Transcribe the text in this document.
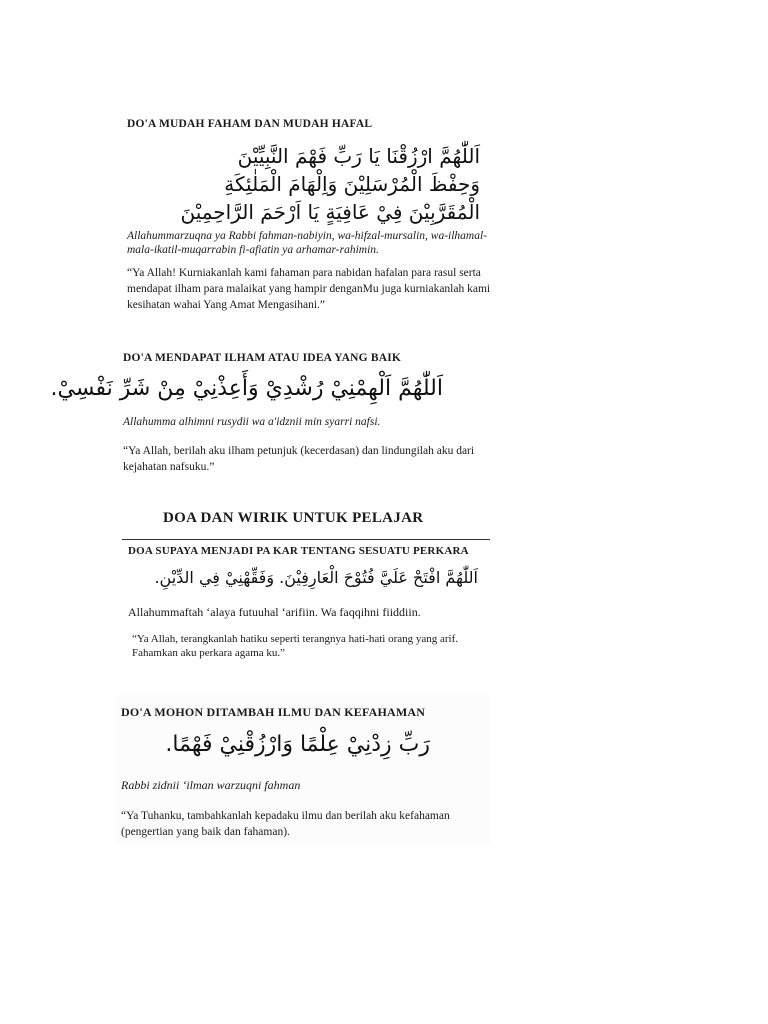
DO'A MUDAH FAHAM DAN MUDAH HAFAL
اَللّٰهُمَّ ارْزُقْنَا يَا رَبِّ فَهْمَ النَّبِيِّيْنَ
وَحِفْظَ الْمُرْسَلِيْنَ وَاِلْهَامَ الْمَلٰئِكَةِ
الْمُقَرَّبِيْنَ فِيْ عَافِيَةٍ يَا اَرْحَمَ الرَّاحِمِيْنَ
Allahummarzuqna ya Rabbi fahman-nabiyin, wa-hifzal-mursalin, wa-ilhamal-
mala-ikatil-muqarrabin fi-afiatin ya arhamar-rahimin.
“Ya Allah! Kurniakanlah kami fahaman para nabidan hafalan para rasul serta
mendapat ilham para malaikat yang hampir denganMu juga kurniakanlah kami
kesihatan wahai Yang Amat Mengasihani.”
DO'A MENDAPAT ILHAM ATAU IDEA YANG BAIK
اَللّٰهُمَّ اَلْهِمْنِيْ رُشْدِيْ وَأَعِذْنِيْ مِنْ شَرِّ نَفْسِيْ.
Allahumma alhimni rusydii wa a'idznii min syarri nafsi.
“Ya Allah, berilah aku ilham petunjuk (kecerdasan) dan lindungilah aku dari
kejahatan nafsuku.”
DOA DAN WIRIK UNTUK PELAJAR
DOA SUPAYA MENJADI PA KAR TENTANG SESUATU PERKARA
اَللّٰهُمَّ افْتَحْ عَلَيَّ فُتُوْحَ الْعَارِفِيْنَ. وَفَقِّهْنِيْ فِي الدِّيْنِ.
Allahummaftah ‘alaya futuuhal ‘arifiin. Wa faqqihni fiiddiin.
“Ya Allah, terangkanlah hatiku seperti terangnya hati-hati orang yang arif.
Fahamkan aku perkara agama ku.”
DO'A MOHON DITAMBAH ILMU DAN KEFAHAMAN
رَبِّ زِدْنِيْ عِلْمًا وَارْزُقْنِيْ فَهْمًا.
Rabbi zidnii ‘ilman warzuqni fahman
“Ya Tuhanku, tambahkanlah kepadaku ilmu dan berilah aku kefahaman
(pengertian yang baik dan fahaman).
